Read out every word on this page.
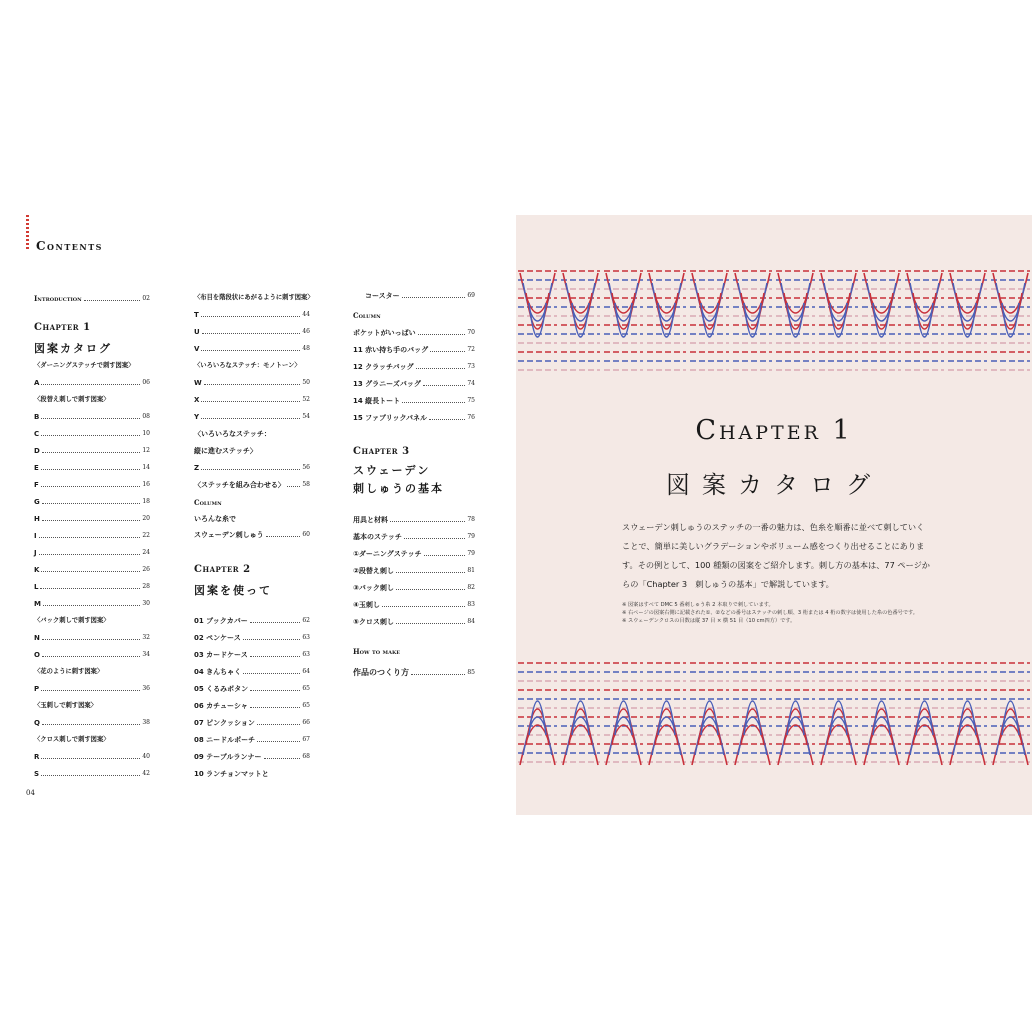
Contents
Introduction	02
Chapter 1
図案カタログ
〈ダーニングステッチで刺す図案〉
A	06
〈段替え刺しで刺す図案〉
B	08
C	10
D	12
E	14
F	16
G	18
H	20
I	22
J	24
K	26
L	28
M	30
〈バック刺しで刺す図案〉
N	32
O	34
〈花のように刺す図案〉
P	36
〈玉刺しで刺す図案〉
Q	38
〈クロス刺しで刺す図案〉
R	40
S	42
〈布目を階段状にあがるように刺す図案〉
T	44
U	46
V	48
〈いろいろなステッチ：モノトーン〉
W	50
X	52
Y	54
〈いろいろなステッチ：
縦に進むステッチ〉
Z	56
〈ステッチを組み合わせる〉	58
Column
いろんな糸で
スウェーデン刺しゅう	60
Chapter 2
図案を使って
01 ブックカバー	62
02 ペンケース	63
03 カードケース	63
04 きんちゃく	64
05 くるみボタン	65
06 カチューシャ	65
07 ピンクッション	66
08 ニードルポーチ	67
09 テーブルランナー	68
10 ランチョンマットと
コースター	69
Column
ポケットがいっぱい	70
11 赤い持ち手のバッグ	72
12 クラッチバッグ	73
13 グラニーズバッグ	74
14 縦長トート	75
15 ファブリックパネル	76
Chapter 3
スウェーデン
刺しゅうの基本
用具と材料	78
基本のステッチ	79
①ダーニングステッチ	79
②段替え刺し	81
③バック刺し	82
④玉刺し	83
⑤クロス刺し	84
How to make
作品のつくり方	85
04
Chapter 1
図案カタログ
スウェーデン刺しゅうのステッチの一番の魅力は、色糸を順番に並べて刺していく
ことで、簡単に美しいグラデーションやボリューム感をつくり出せることにありま
す。その例として、100 種類の図案をご紹介します。刺し方の基本は、77 ページか
らの「Chapter 3　刺しゅうの基本」で解説しています。
※ 図案はすべて DMC 5 番刺しゅう糸 2 本取りで刺しています。
※ 右ページの図案右側に記載された①、②などの番号はステッチの刺し順、3 桁または 4 桁の数字は使用した糸の色番号です。
※ スウェーデンクロスの目数は縦 37 目 × 横 51 目（10 cm四方）です。
